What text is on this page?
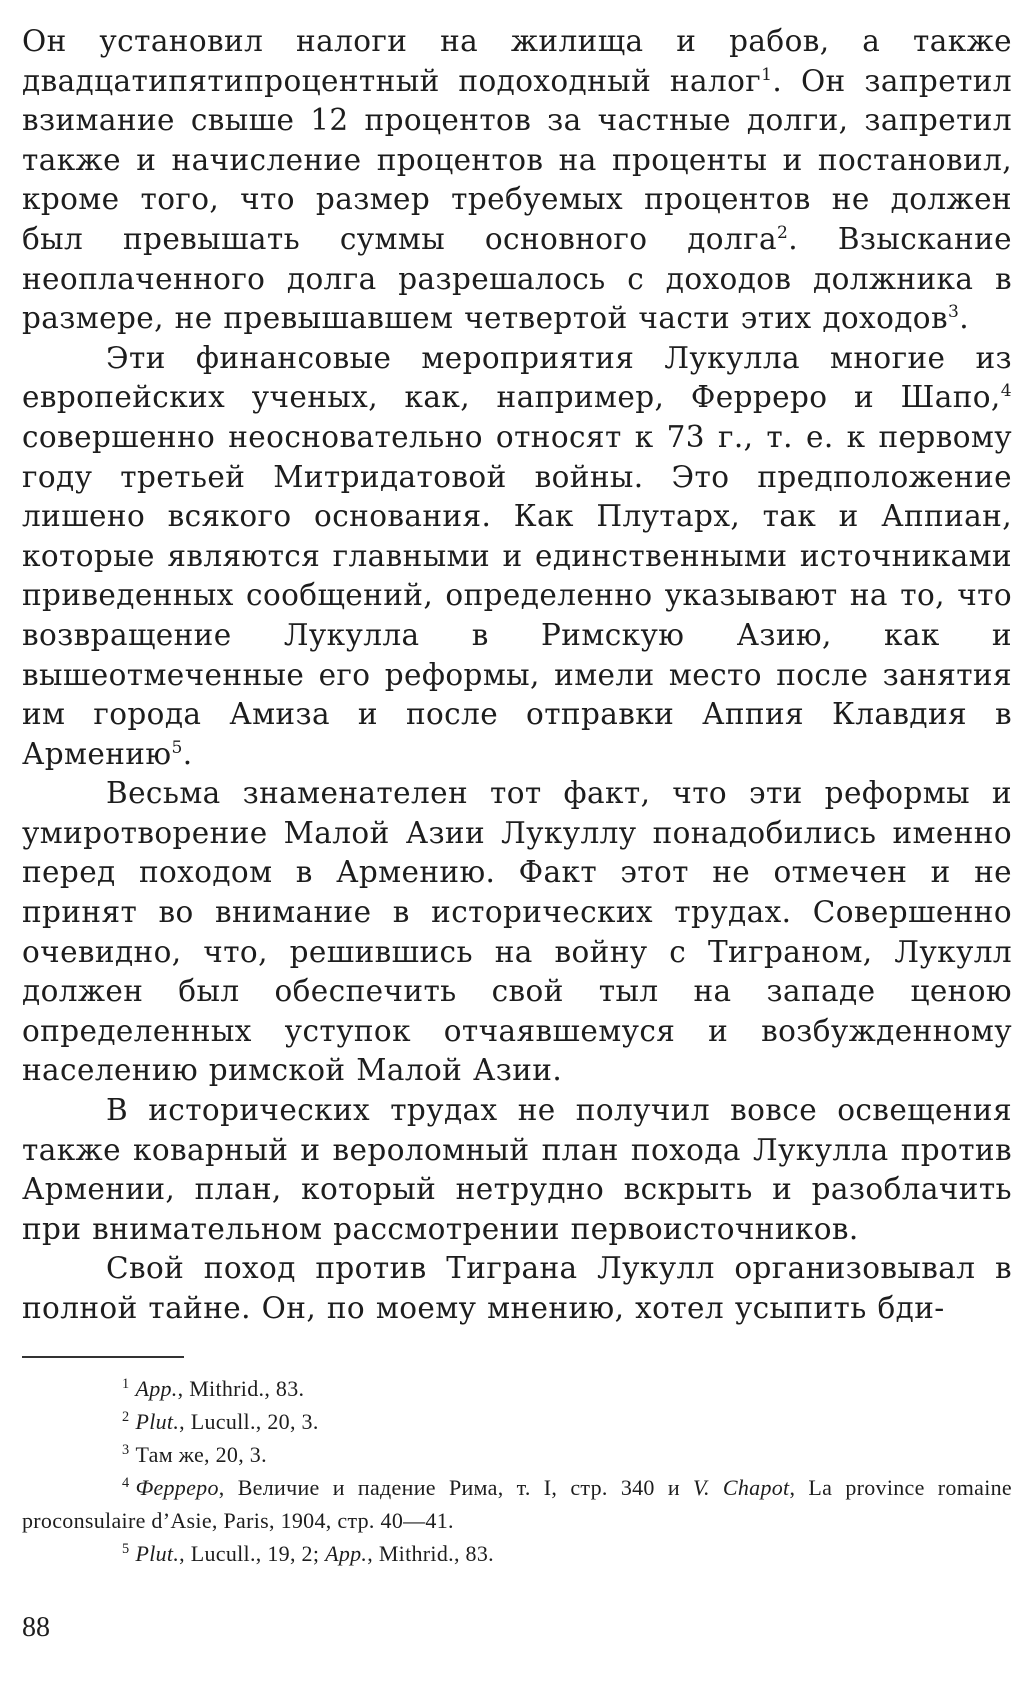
Он установил налоги на жилища и рабов, а также двадцатипятипроцентный подоходный налог$^1$. Он запретил взимание свыше 12 процентов за частные долги, запретил также и начисление процентов на проценты и постановил, кроме того, что размер требуемых процентов не должен был превышать суммы основного долга$^2$. Взыскание неоплаченного долга разрешалось с доходов должника в размере, не превышавшем четвертой части этих доходов$^3$.

Эти финансовые мероприятия Лукулла многие из европейских ученых, как, например, Ферреро и Шапо,$^4$ совершенно неосновательно относят к 73 г., т. е. к первому году третьей Митридатовой войны. Это предположение лишено всякого основания. Как Плутарх, так и Аппиан, которые являются главными и единственными источниками приведенных сообщений, определенно указывают на то, что возвращение Лукулла в Римскую Азию, как и вышеотмеченные его реформы, имели место после занятия им города Амиза и после отправки Аппия Клавдия в Армению$^5$.

Весьма знаменателен тот факт, что эти реформы и умиротворение Малой Азии Лукуллу понадобились именно перед походом в Армению. Факт этот не отмечен и не принят во внимание в исторических трудах. Совершенно очевидно, что, решившись на войну с Тиграном, Лукулл должен был обеспечить свой тыл на западе ценою определенных уступок отчаявшемуся и возбужденному населению римской Малой Азии.

В исторических трудах не получил вовсе освещения также коварный и вероломный план похода Лукулла против Армении, план, который нетрудно вскрыть и разоблачить при внимательном рассмотрении первоисточников.

Свой поход против Тиграна Лукулл организовывал в полной тайне. Он, по моему мнению, хотел усыпить бди-

$^1$ App., Mithrid., 83.

$^2$ Plut., Lucull., 20, 3.

$^3$ Там же, 20, 3.

$^4$ Ферреро, Величие и падение Рима, т. I, стр. 340 и V. Chapot, La province romaine proconsulaire d’Asie, Paris, 1904, стр. 40—41.

$^5$ Plut., Lucull., 19, 2; App., Mithrid., 83.

88
